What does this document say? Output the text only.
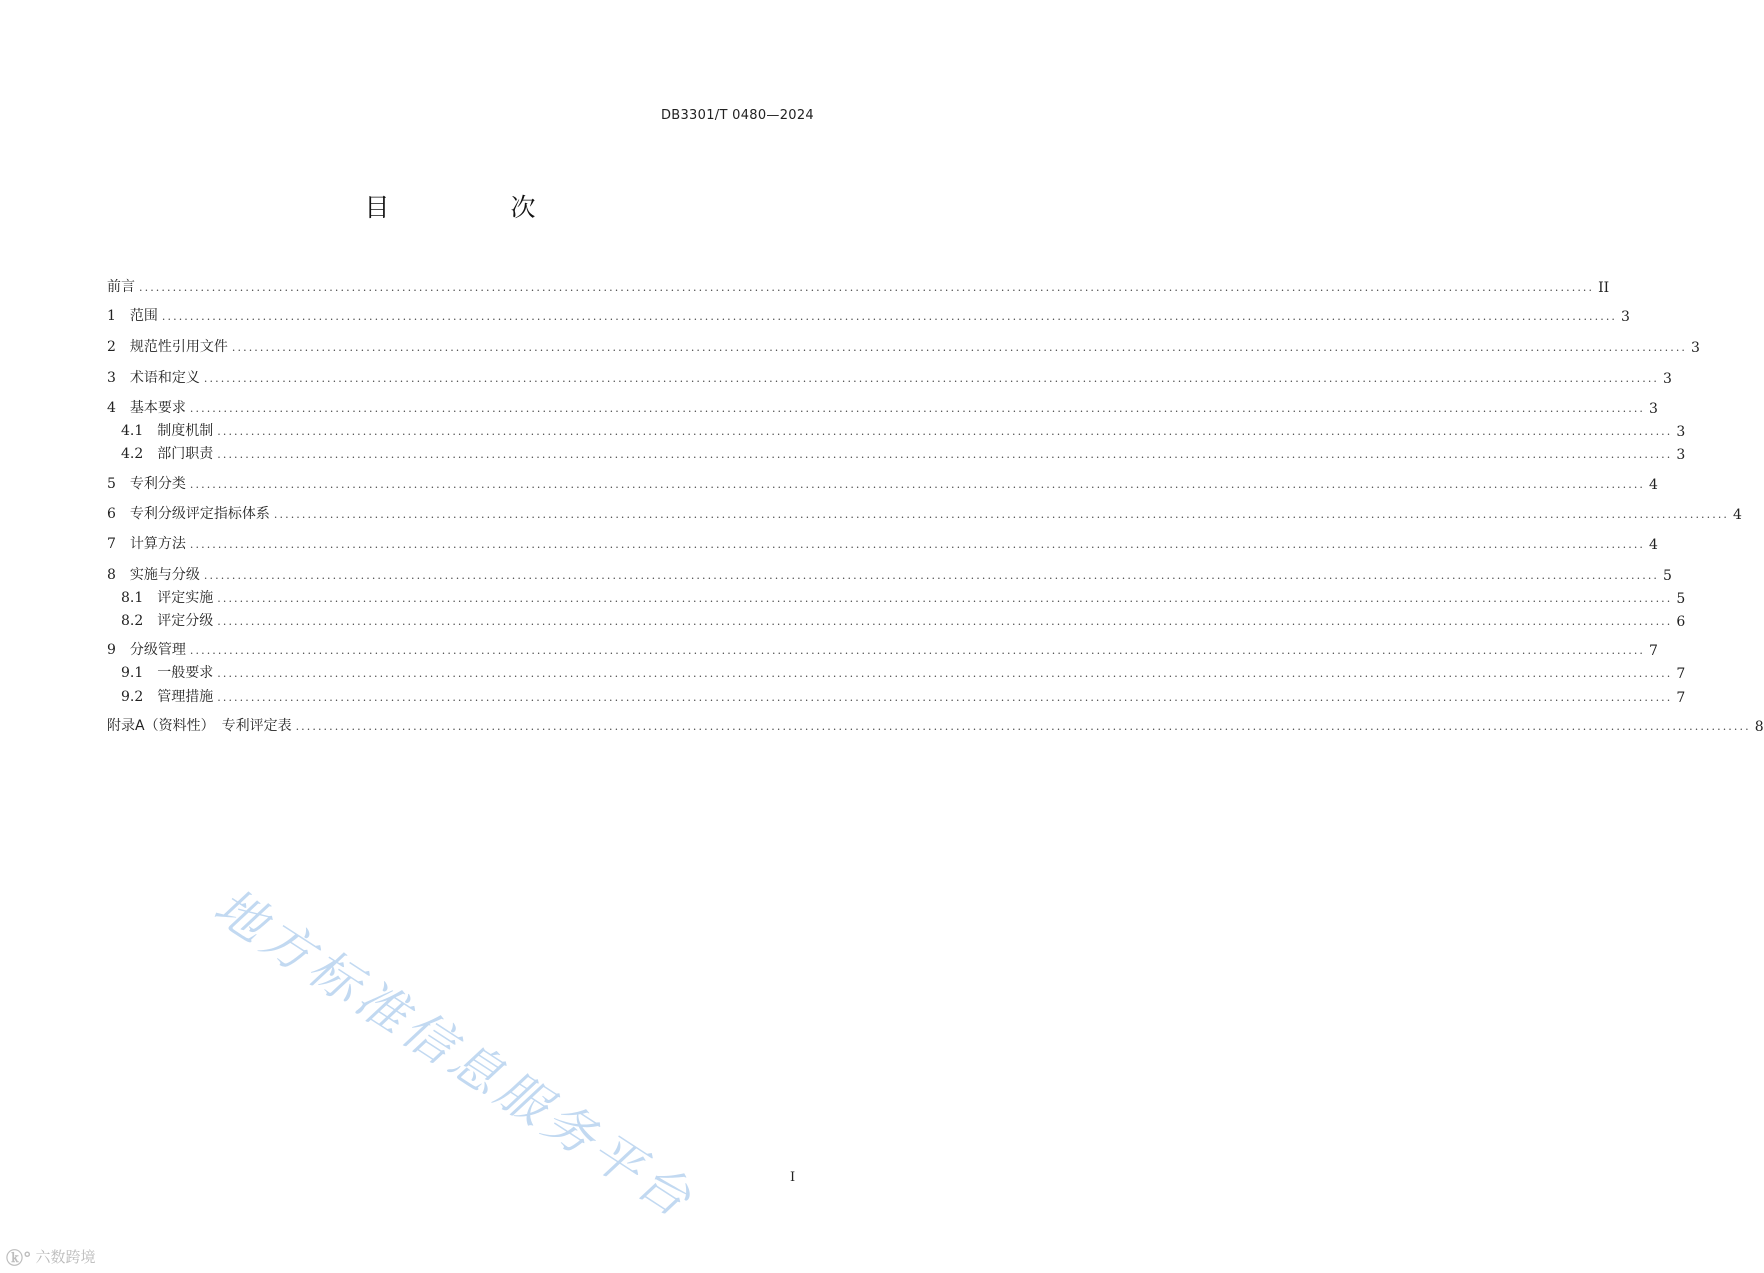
DB3301/T 0480—2024
目　次
前言 .................................................................................................................................................................................................................................................................... II
1　 范围 .................................................................................................................................................................................................................................................................... 3
2　 规范性引用文件 .................................................................................................................................................................................................................................................................... 3
3　 术语和定义 .................................................................................................................................................................................................................................................................... 3
4　 基本要求 .................................................................................................................................................................................................................................................................... 3
4.1　 制度机制 .................................................................................................................................................................................................................................................................... 3
4.2　 部门职责 .................................................................................................................................................................................................................................................................... 3
5　 专利分类 .................................................................................................................................................................................................................................................................... 4
6　 专利分级评定指标体系 .................................................................................................................................................................................................................................................................... 4
7　 计算方法 .................................................................................................................................................................................................................................................................... 4
8　 实施与分级 .................................................................................................................................................................................................................................................................... 5
8.1　 评定实施 .................................................................................................................................................................................................................................................................... 5
8.2　 评定分级 .................................................................................................................................................................................................................................................................... 6
9　 分级管理 .................................................................................................................................................................................................................................................................... 7
9.1　 一般要求 .................................................................................................................................................................................................................................................................... 7
9.2　 管理措施 .................................................................................................................................................................................................................................................................... 7
附录A（资料性）　专利评定表 .................................................................................................................................................................................................................................................................... 8
地方标准信息服务平台	I
ⓚ° 六数跨境
